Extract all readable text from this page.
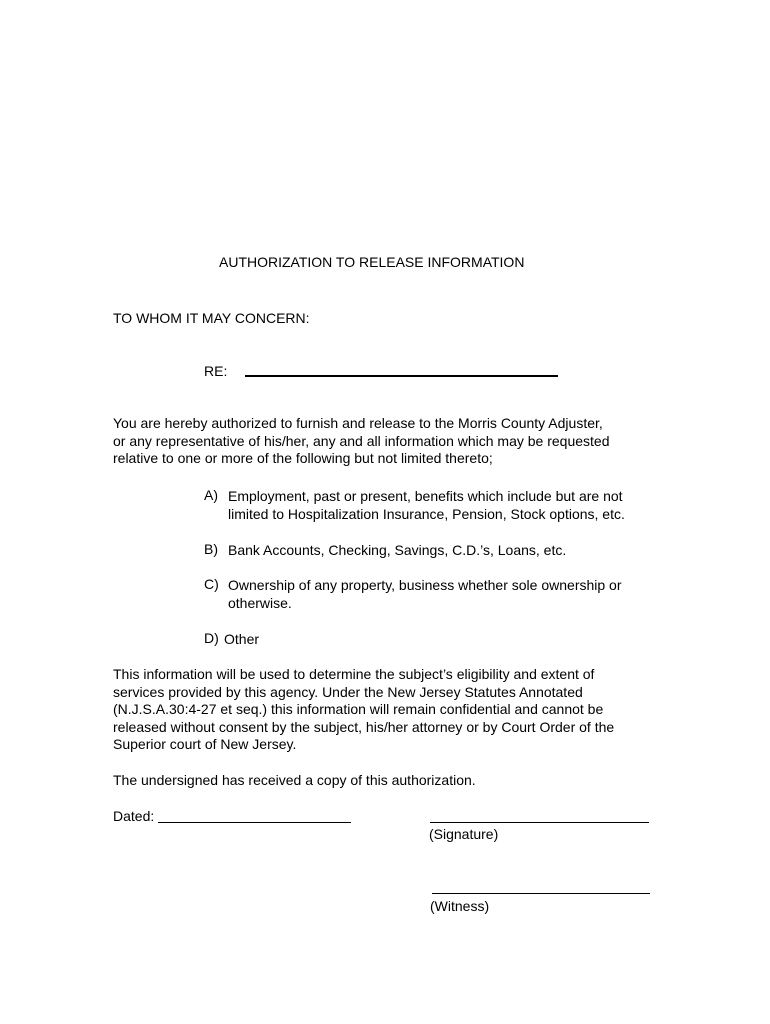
AUTHORIZATION TO RELEASE INFORMATION
TO WHOM IT MAY CONCERN:
RE:
You are hereby authorized to furnish and release to the Morris County Adjuster,
or any representative of his/her, any and all information which may be requested
relative to one or more of the following but not limited thereto;
A) Employment, past or present, benefits which include but are not
limited to Hospitalization Insurance, Pension, Stock options, etc.
B) Bank Accounts, Checking, Savings, C.D.’s, Loans, etc.
C) Ownership of any property, business whether sole ownership or
otherwise.
D) Other
This information will be used to determine the subject’s eligibility and extent of
services provided by this agency. Under the New Jersey Statutes Annotated
(N.J.S.A.30:4-27 et seq.) this information will remain confidential and cannot be
released without consent by the subject, his/her attorney or by Court Order of the
Superior court of New Jersey.
The undersigned has received a copy of this authorization.
Dated:
(Signature)
(Witness)
